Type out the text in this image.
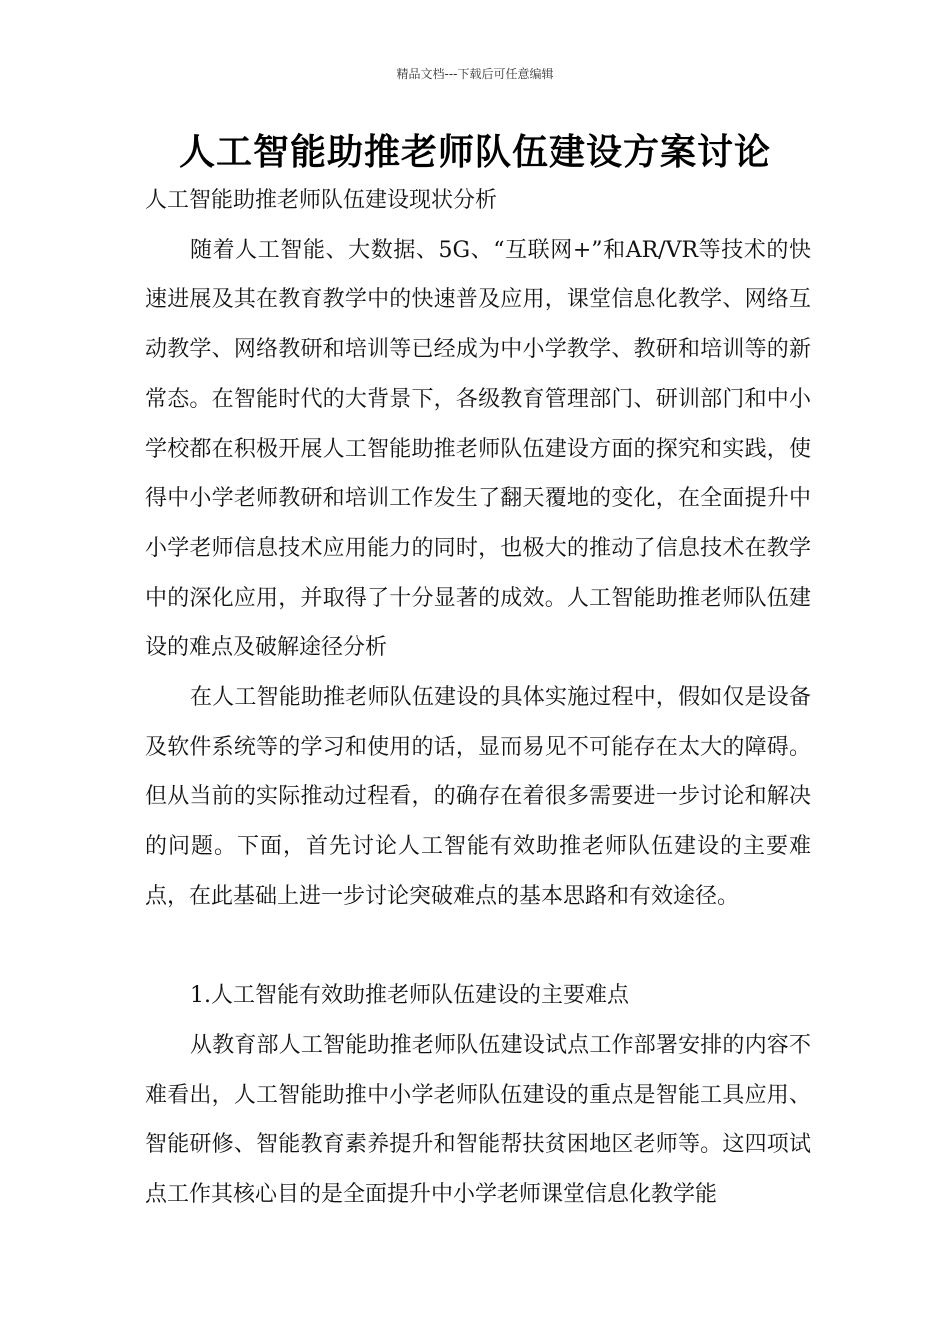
精品文档---下载后可任意编辑
人工智能助推老师队伍建设方案讨论

人工智能助推老师队伍建设现状分析

随着人工智能、大数据、5G、“互联网+”和AR/VR等技术的快速进展及其在教育教学中的快速普及应用，课堂信息化教学、网络互动教学、网络教研和培训等已经成为中小学教学、教研和培训等的新常态。在智能时代的大背景下，各级教育管理部门、研训部门和中小学校都在积极开展人工智能助推老师队伍建设方面的探究和实践，使得中小学老师教研和培训工作发生了翻天覆地的变化，在全面提升中小学老师信息技术应用能力的同时，也极大的推动了信息技术在教学中的深化应用，并取得了十分显著的成效。人工智能助推老师队伍建设的难点及破解途径分析

在人工智能助推老师队伍建设的具体实施过程中，假如仅是设备及软件系统等的学习和使用的话，显而易见不可能存在太大的障碍。但从当前的实际推动过程看，的确存在着很多需要进一步讨论和解决的问题。下面，首先讨论人工智能有效助推老师队伍建设的主要难点，在此基础上进一步讨论突破难点的基本思路和有效途径。

1.人工智能有效助推老师队伍建设的主要难点

从教育部人工智能助推老师队伍建设试点工作部署安排的内容不难看出，人工智能助推中小学老师队伍建设的重点是智能工具应用、智能研修、智能教育素养提升和智能帮扶贫困地区老师等。这四项试点工作其核心目的是全面提升中小学老师课堂信息化教学能
